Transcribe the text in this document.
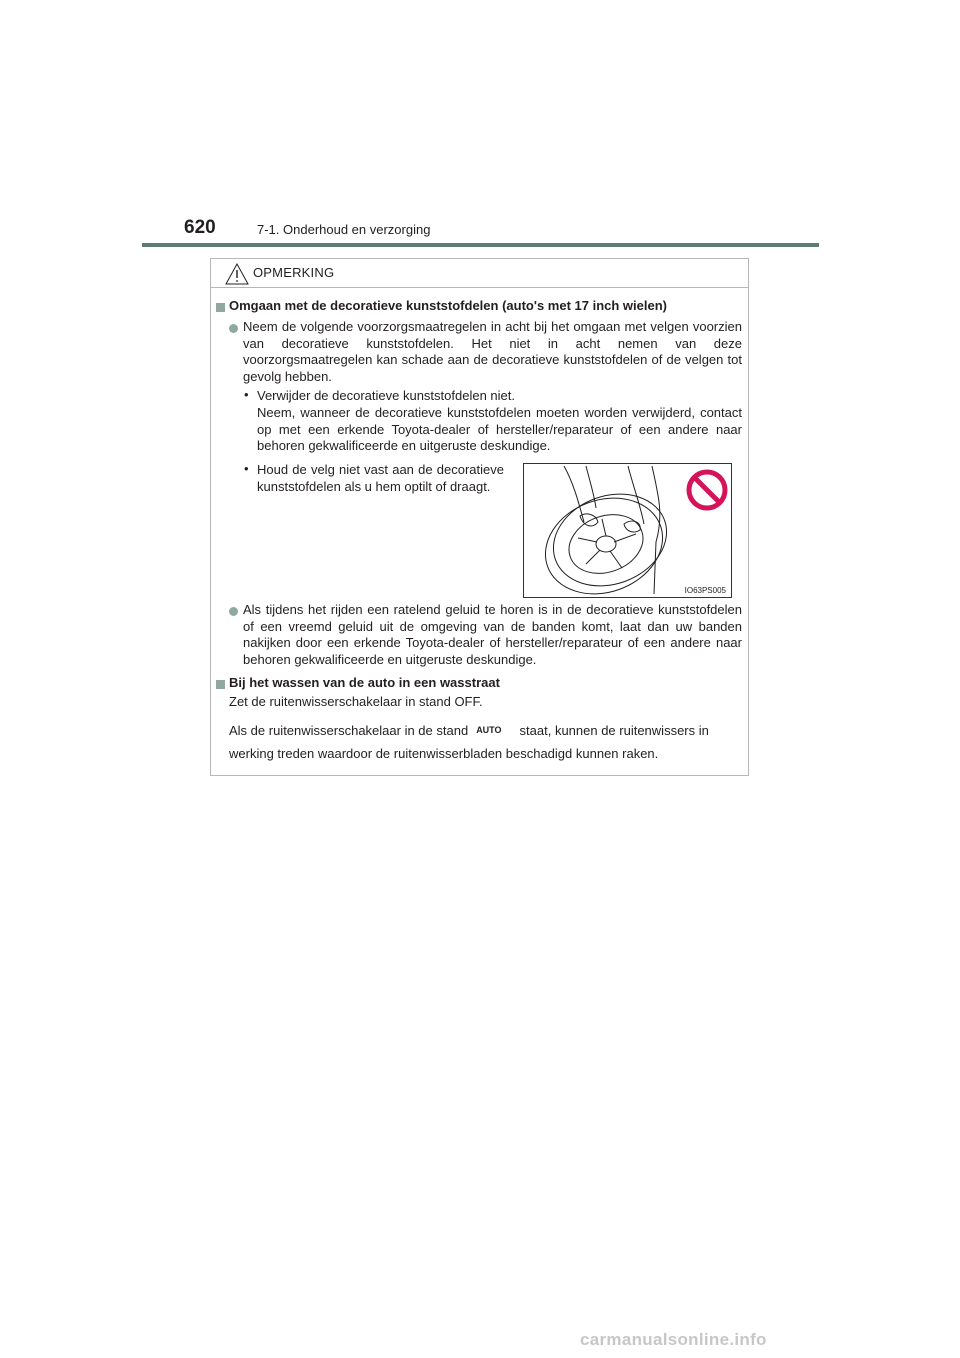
620	7-1. Onderhoud en verzorging
OPMERKING
Omgaan met de decoratieve kunststofdelen (auto's met 17 inch wielen)
Neem de volgende voorzorgsmaatregelen in acht bij het omgaan met velgen voorzien van decoratieve kunststofdelen. Het niet in acht nemen van deze voorzorgsmaatregelen kan schade aan de decoratieve kunststofdelen of de velgen tot gevolg hebben.
• Verwijder de decoratieve kunststofdelen niet.
Neem, wanneer de decoratieve kunststofdelen moeten worden verwijderd, contact op met een erkende Toyota-dealer of hersteller/reparateur of een andere naar behoren gekwalificeerde en uitgeruste deskundige.
• Houd de velg niet vast aan de decoratieve kunststofdelen als u hem optilt of draagt.
IO63PS005
Als tijdens het rijden een ratelend geluid te horen is in de decoratieve kunststofdelen of een vreemd geluid uit de omgeving van de banden komt, laat dan uw banden nakijken door een erkende Toyota-dealer of hersteller/reparateur of een andere naar behoren gekwalificeerde en uitgeruste deskundige.
Bij het wassen van de auto in een wasstraat
Zet de ruitenwisserschakelaar in stand OFF.
Als de ruitenwisserschakelaar in de stand AUTO staat, kunnen de ruitenwissers in
werking treden waardoor de ruitenwisserbladen beschadigd kunnen raken.
carmanualsonline.info
